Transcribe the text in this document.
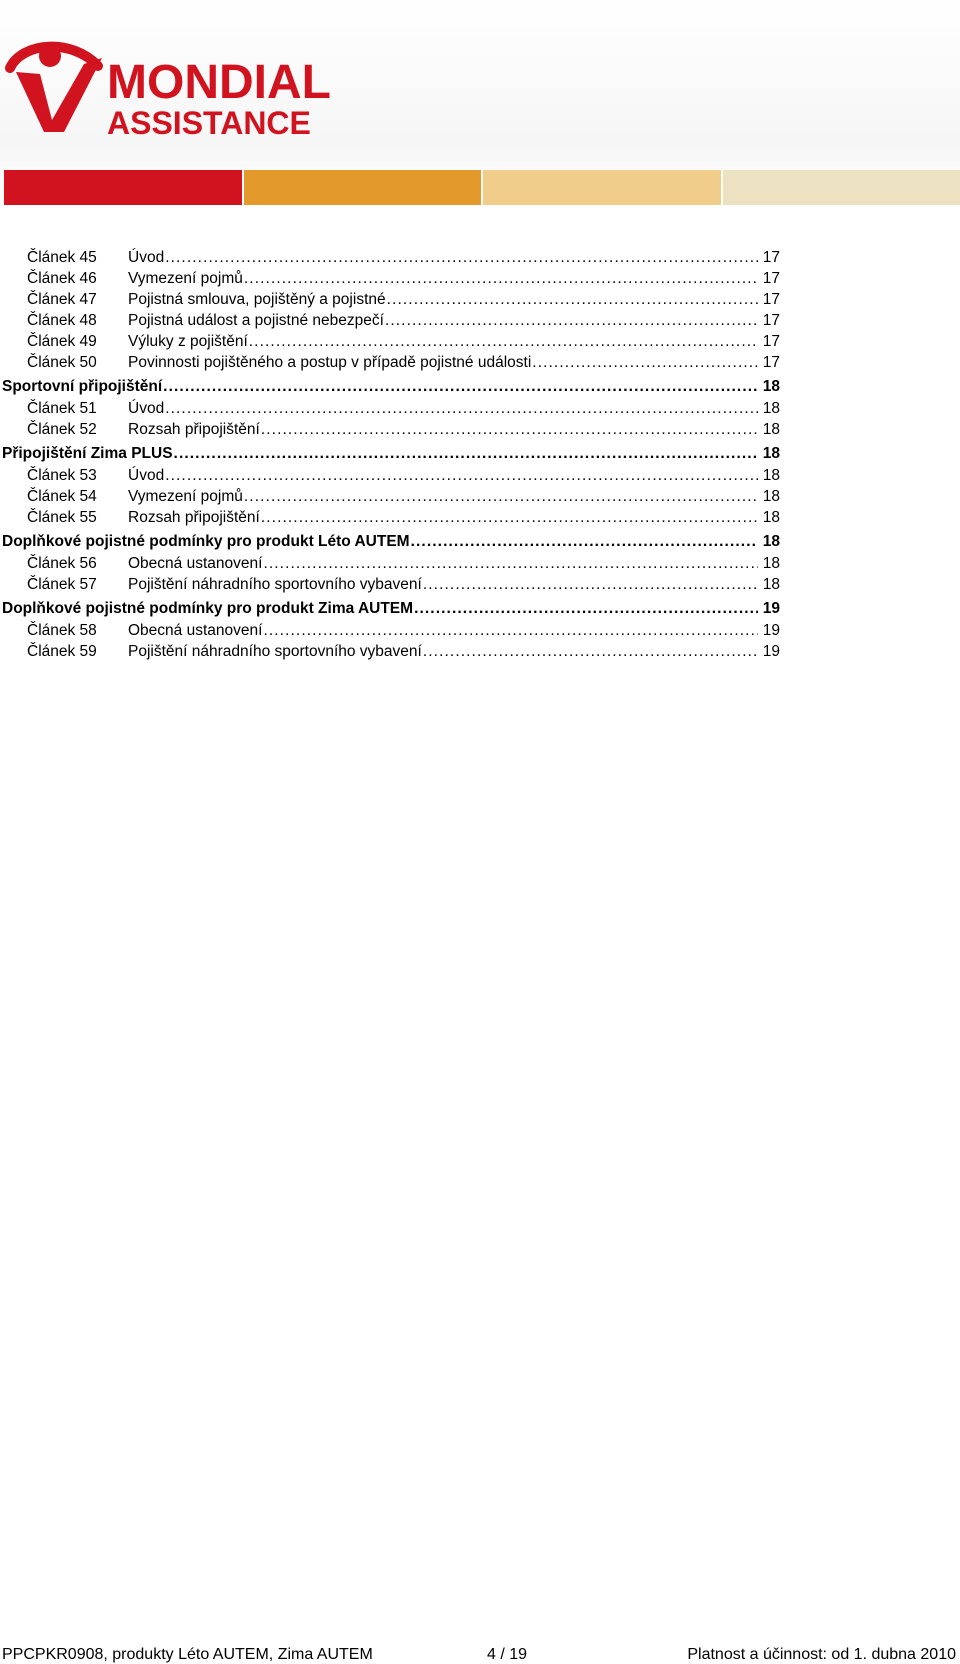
MONDIAL
ASSISTANCE
Článek 45	Úvod . . .	17
Článek 46	Vymezení pojmů . . .	17
Článek 47	Pojistná smlouva, pojištěný a pojistné . . .	17
Článek 48	Pojistná událost a pojistné nebezpečí . . .	17
Článek 49	Výluky z pojištění . . .	17
Článek 50	Povinnosti pojištěného a postup v případě pojistné události . . .	17
Sportovní připojištění . . .	18
Článek 51	Úvod . . .	18
Článek 52	Rozsah připojištění . . .	18
Připojištění Zima PLUS . . .	18
Článek 53	Úvod . . .	18
Článek 54	Vymezení pojmů . . .	18
Článek 55	Rozsah připojištění . . .	18
Doplňkové pojistné podmínky pro produkt Léto AUTEM . . .	18
Článek 56	Obecná ustanovení . . .	18
Článek 57	Pojištění náhradního sportovního vybavení . . .	18
Doplňkové pojistné podmínky pro produkt Zima AUTEM . . .	19
Článek 58	Obecná ustanovení . . .	19
Článek 59	Pojištění náhradního sportovního vybavení . . .	19
PPCPKR0908, produkty Léto AUTEM, Zima AUTEM	4 / 19	Platnost a účinnost: od 1. dubna 2010
